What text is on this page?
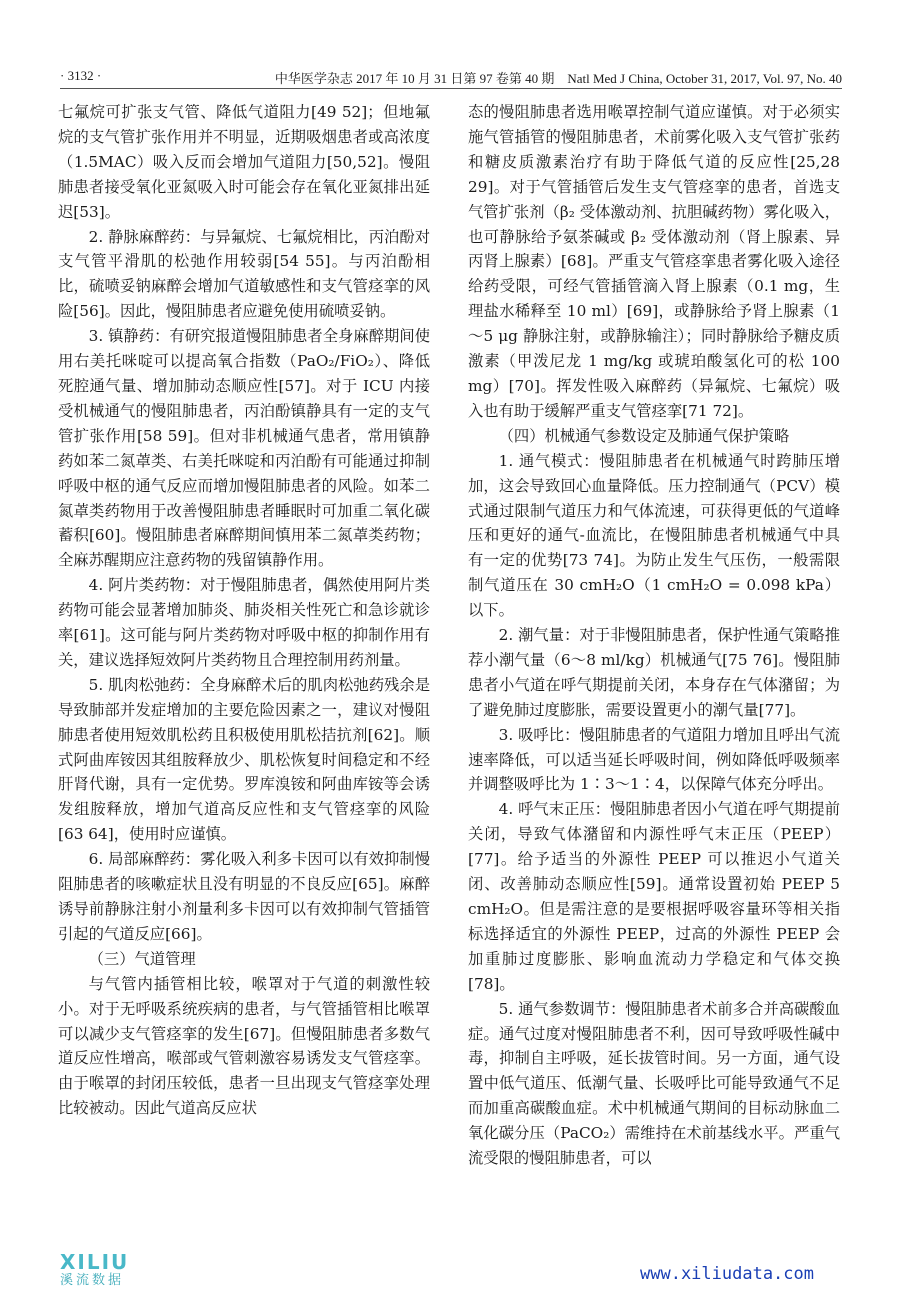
· 3132 ·	中华医学杂志 2017 年 10 月 31 日第 97 卷第 40 期　Natl Med J China, October 31, 2017, Vol. 97, No. 40

七氟烷可扩张支气管、降低气道阻力[49 52]；但地氟烷的支气管扩张作用并不明显，近期吸烟患者或高浓度（1.5MAC）吸入反而会增加气道阻力[50,52]。慢阻肺患者接受氧化亚氮吸入时可能会存在氧化亚氮排出延迟[53]。

2. 静脉麻醉药：与异氟烷、七氟烷相比，丙泊酚对支气管平滑肌的松弛作用较弱[54 55]。与丙泊酚相比，硫喷妥钠麻醉会增加气道敏感性和支气管痉挛的风险[56]。因此，慢阻肺患者应避免使用硫喷妥钠。

3. 镇静药：有研究报道慢阻肺患者全身麻醉期间使用右美托咪啶可以提高氧合指数（PaO₂/FiO₂）、降低死腔通气量、增加肺动态顺应性[57]。对于 ICU 内接受机械通气的慢阻肺患者，丙泊酚镇静具有一定的支气管扩张作用[58 59]。但对非机械通气患者，常用镇静药如苯二氮䓬类、右美托咪啶和丙泊酚有可能通过抑制呼吸中枢的通气反应而增加慢阻肺患者的风险。如苯二氮䓬类药物用于改善慢阻肺患者睡眠时可加重二氧化碳蓄积[60]。慢阻肺患者麻醉期间慎用苯二氮䓬类药物；全麻苏醒期应注意药物的残留镇静作用。

4. 阿片类药物：对于慢阻肺患者，偶然使用阿片类药物可能会显著增加肺炎、肺炎相关性死亡和急诊就诊率[61]。这可能与阿片类药物对呼吸中枢的抑制作用有关，建议选择短效阿片类药物且合理控制用药剂量。

5. 肌肉松弛药：全身麻醉术后的肌肉松弛药残余是导致肺部并发症增加的主要危险因素之一，建议对慢阻肺患者使用短效肌松药且积极使用肌松拮抗剂[62]。顺式阿曲库铵因其组胺释放少、肌松恢复时间稳定和不经肝肾代谢，具有一定优势。罗库溴铵和阿曲库铵等会诱发组胺释放，增加气道高反应性和支气管痉挛的风险[63 64]，使用时应谨慎。

6. 局部麻醉药：雾化吸入利多卡因可以有效抑制慢阻肺患者的咳嗽症状且没有明显的不良反应[65]。麻醉诱导前静脉注射小剂量利多卡因可以有效抑制气管插管引起的气道反应[66]。

（三）气道管理

与气管内插管相比较，喉罩对于气道的刺激性较小。对于无呼吸系统疾病的患者，与气管插管相比喉罩可以减少支气管痉挛的发生[67]。但慢阻肺患者多数气道反应性增高，喉部或气管刺激容易诱发支气管痉挛。由于喉罩的封闭压较低，患者一旦出现支气管痉挛处理比较被动。因此气道高反应状

态的慢阻肺患者选用喉罩控制气道应谨慎。对于必须实施气管插管的慢阻肺患者，术前雾化吸入支气管扩张药和糖皮质激素治疗有助于降低气道的反应性[25,28 29]。对于气管插管后发生支气管痉挛的患者，首选支气管扩张剂（β₂ 受体激动剂、抗胆碱药物）雾化吸入，也可静脉给予氨茶碱或 β₂ 受体激动剂（肾上腺素、异丙肾上腺素）[68]。严重支气管痉挛患者雾化吸入途径给药受限，可经气管插管滴入肾上腺素（0.1 mg，生理盐水稀释至 10 ml）[69]，或静脉给予肾上腺素（1～5 μg 静脉注射，或静脉输注）；同时静脉给予糖皮质激素（甲泼尼龙 1 mg/kg 或琥珀酸氢化可的松 100 mg）[70]。挥发性吸入麻醉药（异氟烷、七氟烷）吸入也有助于缓解严重支气管痉挛[71 72]。

（四）机械通气参数设定及肺通气保护策略

1. 通气模式：慢阻肺患者在机械通气时跨肺压增加，这会导致回心血量降低。压力控制通气（PCV）模式通过限制气道压力和气体流速，可获得更低的气道峰压和更好的通气-血流比，在慢阻肺患者机械通气中具有一定的优势[73 74]。为防止发生气压伤，一般需限制气道压在 30 cmH₂O（1 cmH₂O = 0.098 kPa）以下。

2. 潮气量：对于非慢阻肺患者，保护性通气策略推荐小潮气量（6～8 ml/kg）机械通气[75 76]。慢阻肺患者小气道在呼气期提前关闭，本身存在气体潴留；为了避免肺过度膨胀，需要设置更小的潮气量[77]。

3. 吸呼比：慢阻肺患者的气道阻力增加且呼出气流速率降低，可以适当延长呼吸时间，例如降低呼吸频率并调整吸呼比为 1∶3～1∶4，以保障气体充分呼出。

4. 呼气末正压：慢阻肺患者因小气道在呼气期提前关闭，导致气体潴留和内源性呼气末正压（PEEP）[77]。给予适当的外源性 PEEP 可以推迟小气道关闭、改善肺动态顺应性[59]。通常设置初始 PEEP 5 cmH₂O。但是需注意的是要根据呼吸容量环等相关指标选择适宜的外源性 PEEP，过高的外源性 PEEP 会加重肺过度膨胀、影响血流动力学稳定和气体交换[78]。

5. 通气参数调节：慢阻肺患者术前多合并高碳酸血症。通气过度对慢阻肺患者不利，因可导致呼吸性碱中毒，抑制自主呼吸，延长拔管时间。另一方面，通气设置中低气道压、低潮气量、长吸呼比可能导致通气不足而加重高碳酸血症。术中机械通气期间的目标动脉血二氧化碳分压（PaCO₂）需维持在术前基线水平。严重气流受限的慢阻肺患者，可以

XILIU
溪流数据	www.xiliudata.com
